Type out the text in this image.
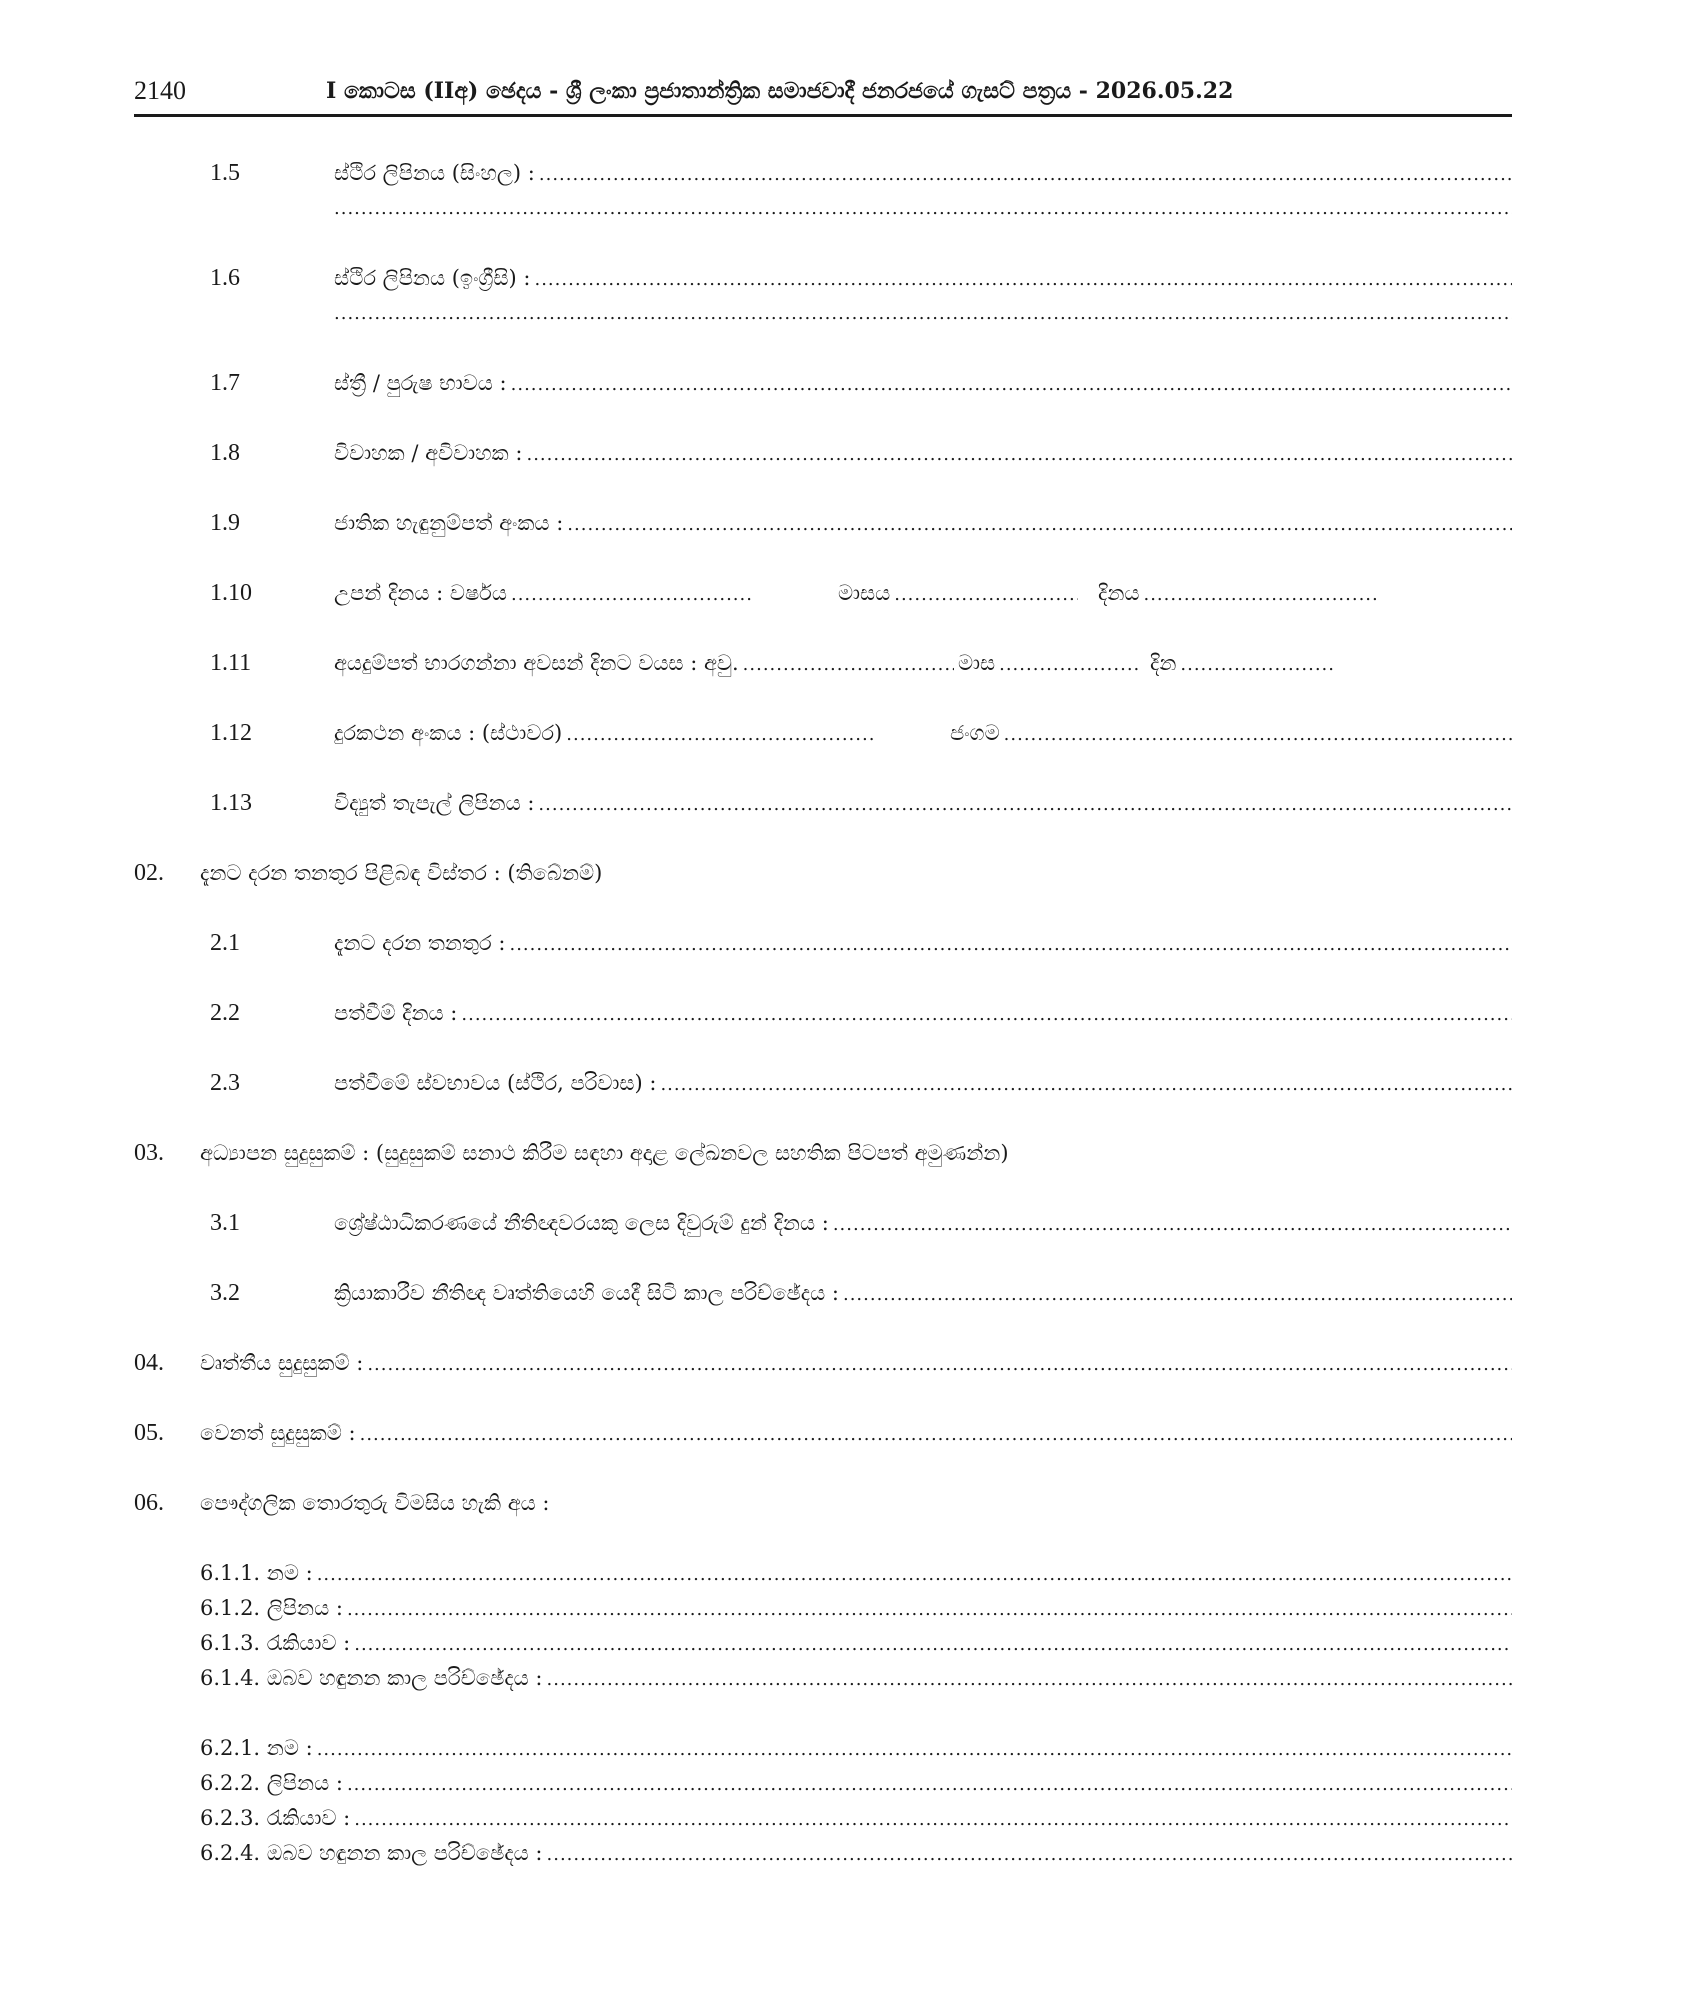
2140	I කොටස (IIඅ) ඡෙදය - ශ්‍රී ලංකා ප්‍රජාතාන්ත්‍රික සමාජවාදී ජනරජයේ ගැසට් පත්‍රය - 2026.05.22
1.5	ස්ථිර ලිපිනය (සිංහල) :
.....
.....
1.6	ස්ථිර ලිපිනය (ඉංග්‍රීසි) :
.....
.....
1.7	ස්ත්‍රී / පුරුෂ භාවය :
.....
1.8	විවාහක / අවිවාහක :
.....
1.9	ජාතික හැඳුනුම්පත් අංකය :
.....
1.10	උපන් දිනය : වර්ෂය .....	මාසය .....	දිනය
.....
1.11	අයදුම්පත් භාරගන්නා අවසන් දිනට වයස : අවු. .....	මාස .....	දින
.....
1.12	දුරකථන අංකය : (ස්ථාවර) .....	ජංගම
.....
1.13	විද්‍යුත් තැපැල් ලිපිනය :
.....
02. දැනට දරන තනතුර පිළිබඳ විස්තර : (තිබේනම්)
2.1	දැනට දරන තනතුර :
.....
2.2	පත්වීම් දිනය :
.....
2.3	පත්වීමේ ස්වභාවය (ස්ථිර, පරිවාස) :
.....
03. අධ්‍යාපන සුදුසුකම් : (සුදුසුකම් සනාථ කිරීම සඳහා අදාළ ලේඛනවල සහතික පිටපත් අමුණන්න)
3.1	ශ්‍රේෂ්ඨාධිකරණයේ නීතිඥවරයකු ලෙස දිවුරුම් දුන් දිනය :
.....
3.2	ක්‍රියාකාරීව නීතිඥ වෘත්තියෙහි යෙදී සිටි කාල පරිච්ඡේදය :
.....
04. වෘත්තීය සුදුසුකම් :
.....
05. වෙනත් සුදුසුකම් :
.....
06. පෞද්ගලික තොරතුරු විමසිය හැකි අය :
6.1.1. නම :
.....
6.1.2. ලිපිනය :
.....
6.1.3. රැකියාව :
.....
6.1.4. ඔබව හඳුනන කාල පරිච්ඡේදය :
.....
6.2.1. නම :
.....
6.2.2. ලිපිනය :
.....
6.2.3. රැකියාව :
.....
6.2.4. ඔබව හඳුනන කාල පරිච්ඡේදය :
.....
